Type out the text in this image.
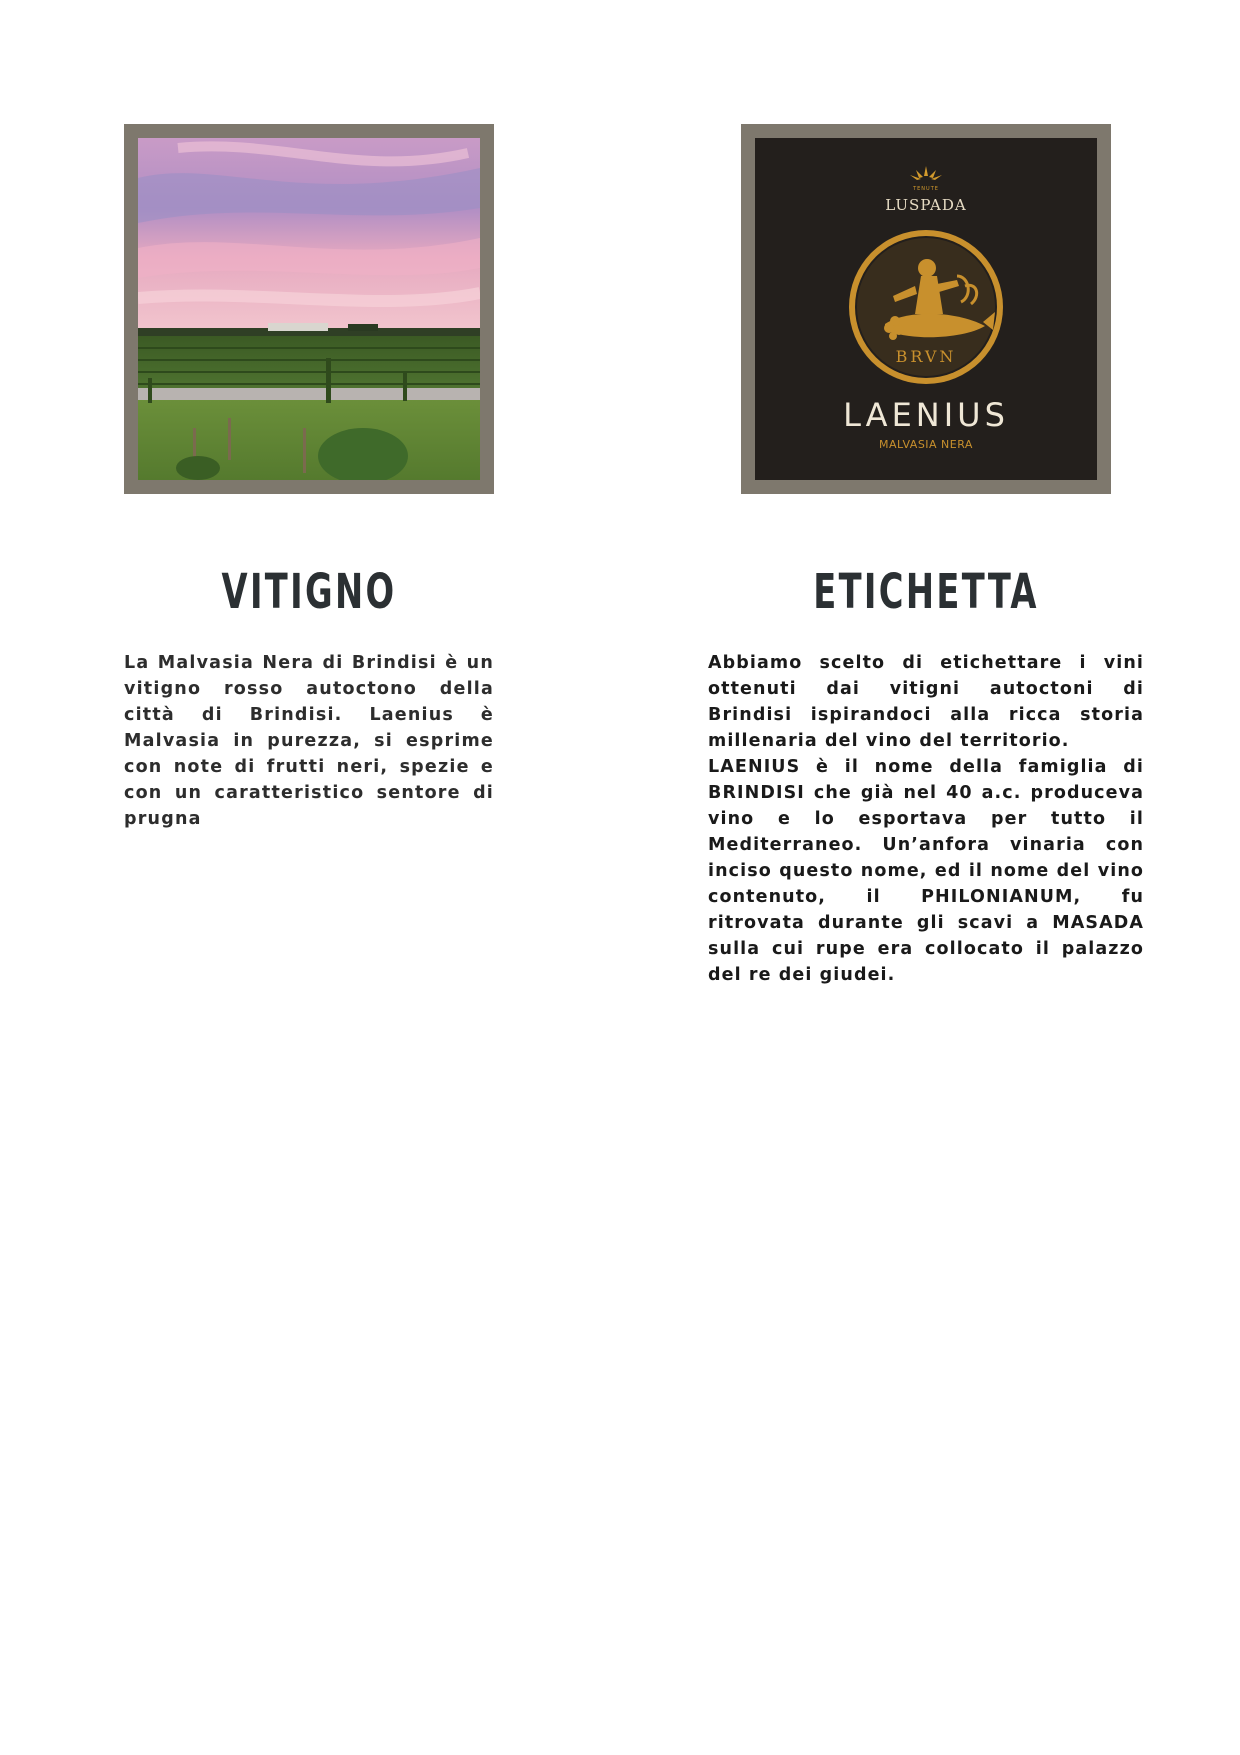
TENUTE
LUSPADA
BRVN
LAENIUS
MALVASIA NERA
VITIGNO	ETICHETTA

La Malvasia Nera di Brindisi è un vitigno rosso autoctono della città di Brindisi. Laenius è Malvasia in purezza, si esprime con note di frutti neri, spezie e con un caratteristico sentore di prugna

Abbiamo scelto di etichettare i vini ottenuti dai vitigni autoctoni di Brindisi ispirandoci alla ricca storia millenaria del vino del territorio.

LAENIUS è il nome della famiglia di BRINDISI che già nel 40 a.c. produceva vino e lo esportava per tutto il Mediterraneo. Un’anfora vinaria con inciso questo nome, ed il nome del vino contenuto, il PHILONIANUM, fu ritrovata durante gli scavi a MASADA sulla cui rupe era collocato il palazzo del re dei giudei.
